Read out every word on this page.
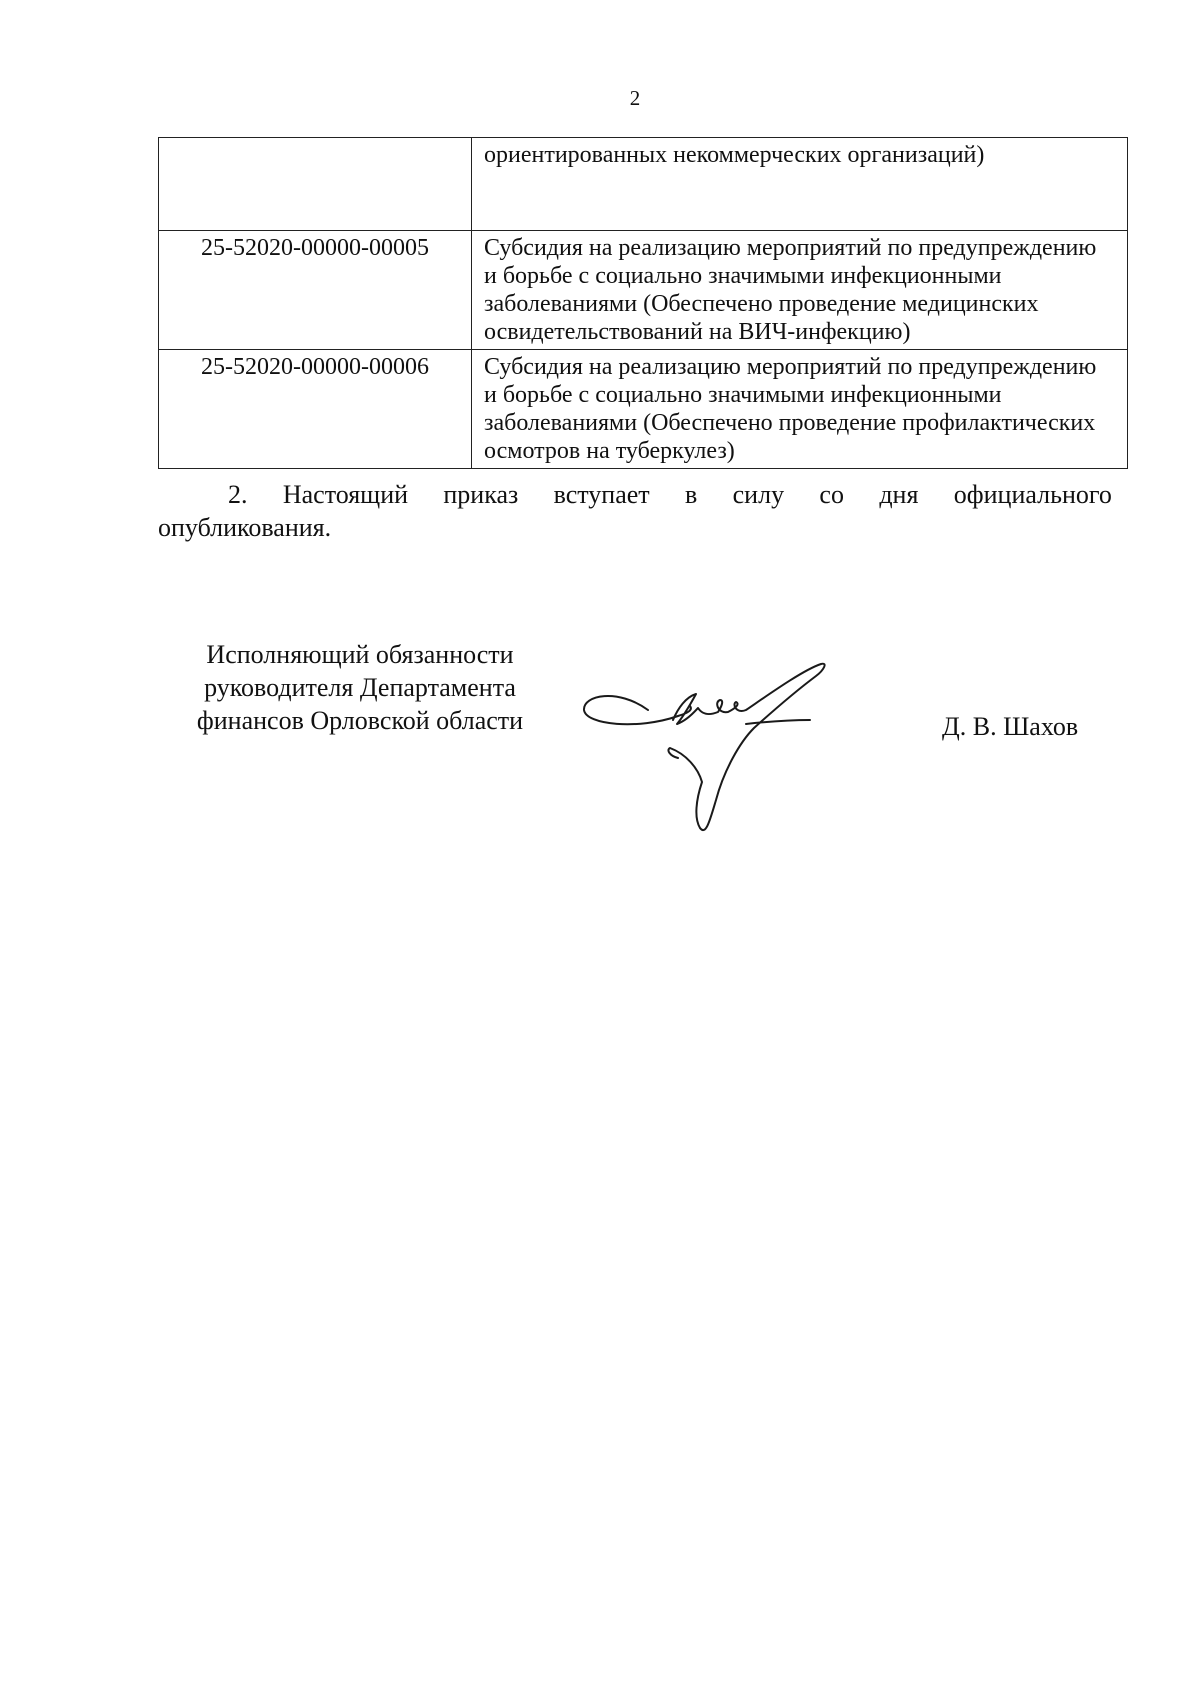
2

	ориентированных некоммерческих организаций)

25-52020-00000-00005	Субсидия на реализацию мероприятий по предупреждению
и борьбе с социально значимыми инфекционными
заболеваниями (Обеспечено проведение медицинских
освидетельствований на ВИЧ-инфекцию)

25-52020-00000-00006	Субсидия на реализацию мероприятий по предупреждению
и борьбе с социально значимыми инфекционными
заболеваниями (Обеспечено проведение профилактических
осмотров на туберкулез)
2. Настоящий приказ вступает в силу со дня официального
опубликования.
Исполняющий обязанности
руководителя Департамента
финансов Орловской области	Д. В. Шахов
